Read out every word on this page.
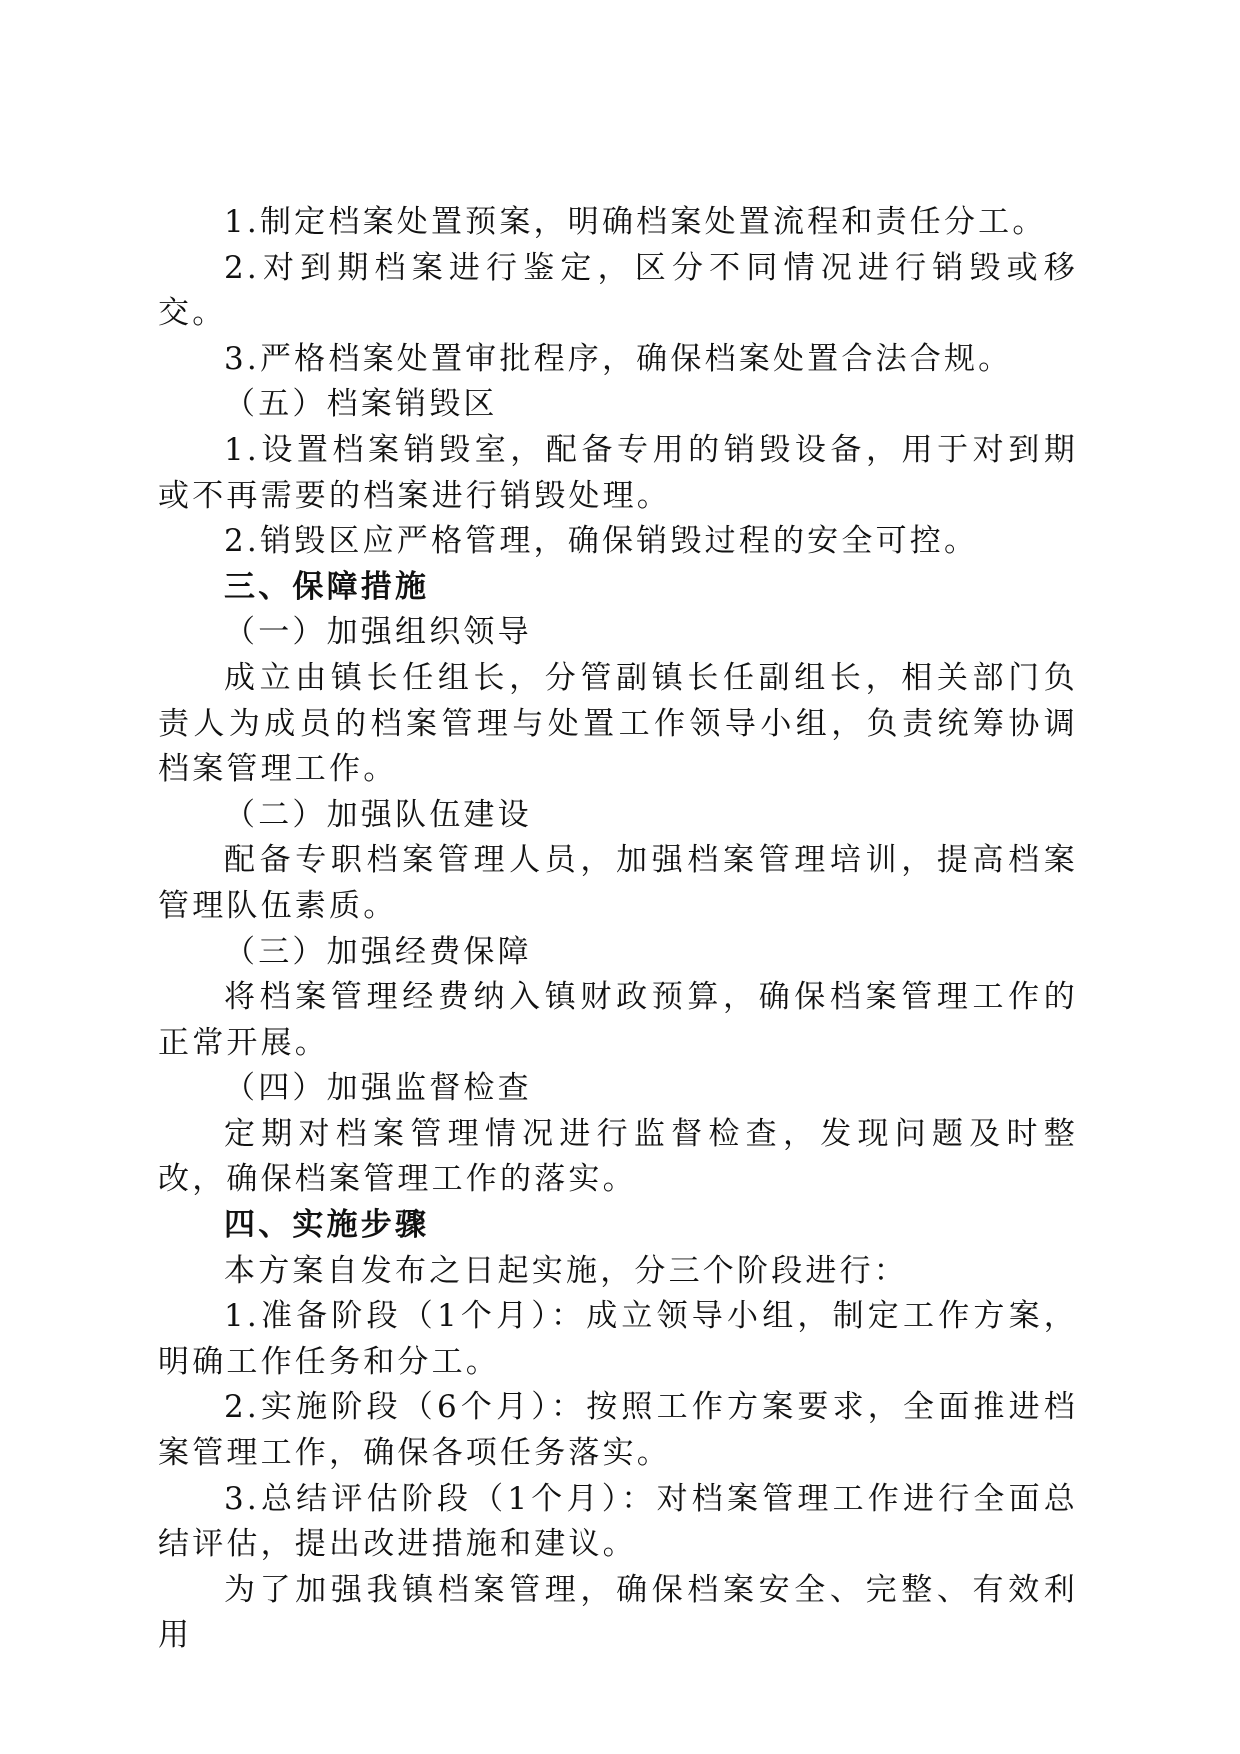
1.制定档案处置预案，明确档案处置流程和责任分工。

2.对到期档案进行鉴定，区分不同情况进行销毁或移交。

3.严格档案处置审批程序，确保档案处置合法合规。

（五）档案销毁区

1.设置档案销毁室，配备专用的销毁设备，用于对到期或不再需要的档案进行销毁处理。

2.销毁区应严格管理，确保销毁过程的安全可控。

三、保障措施

（一）加强组织领导

成立由镇长任组长，分管副镇长任副组长，相关部门负责人为成员的档案管理与处置工作领导小组，负责统筹协调档案管理工作。

（二）加强队伍建设

配备专职档案管理人员，加强档案管理培训，提高档案管理队伍素质。

（三）加强经费保障

将档案管理经费纳入镇财政预算，确保档案管理工作的正常开展。

（四）加强监督检查

定期对档案管理情况进行监督检查，发现问题及时整改，确保档案管理工作的落实。

四、实施步骤

本方案自发布之日起实施，分三个阶段进行：

1.准备阶段（1个月）：成立领导小组，制定工作方案，明确工作任务和分工。

2.实施阶段（6个月）：按照工作方案要求，全面推进档案管理工作，确保各项任务落实。

3.总结评估阶段（1个月）：对档案管理工作进行全面总结评估，提出改进措施和建议。

为了加强我镇档案管理，确保档案安全、完整、有效利用
